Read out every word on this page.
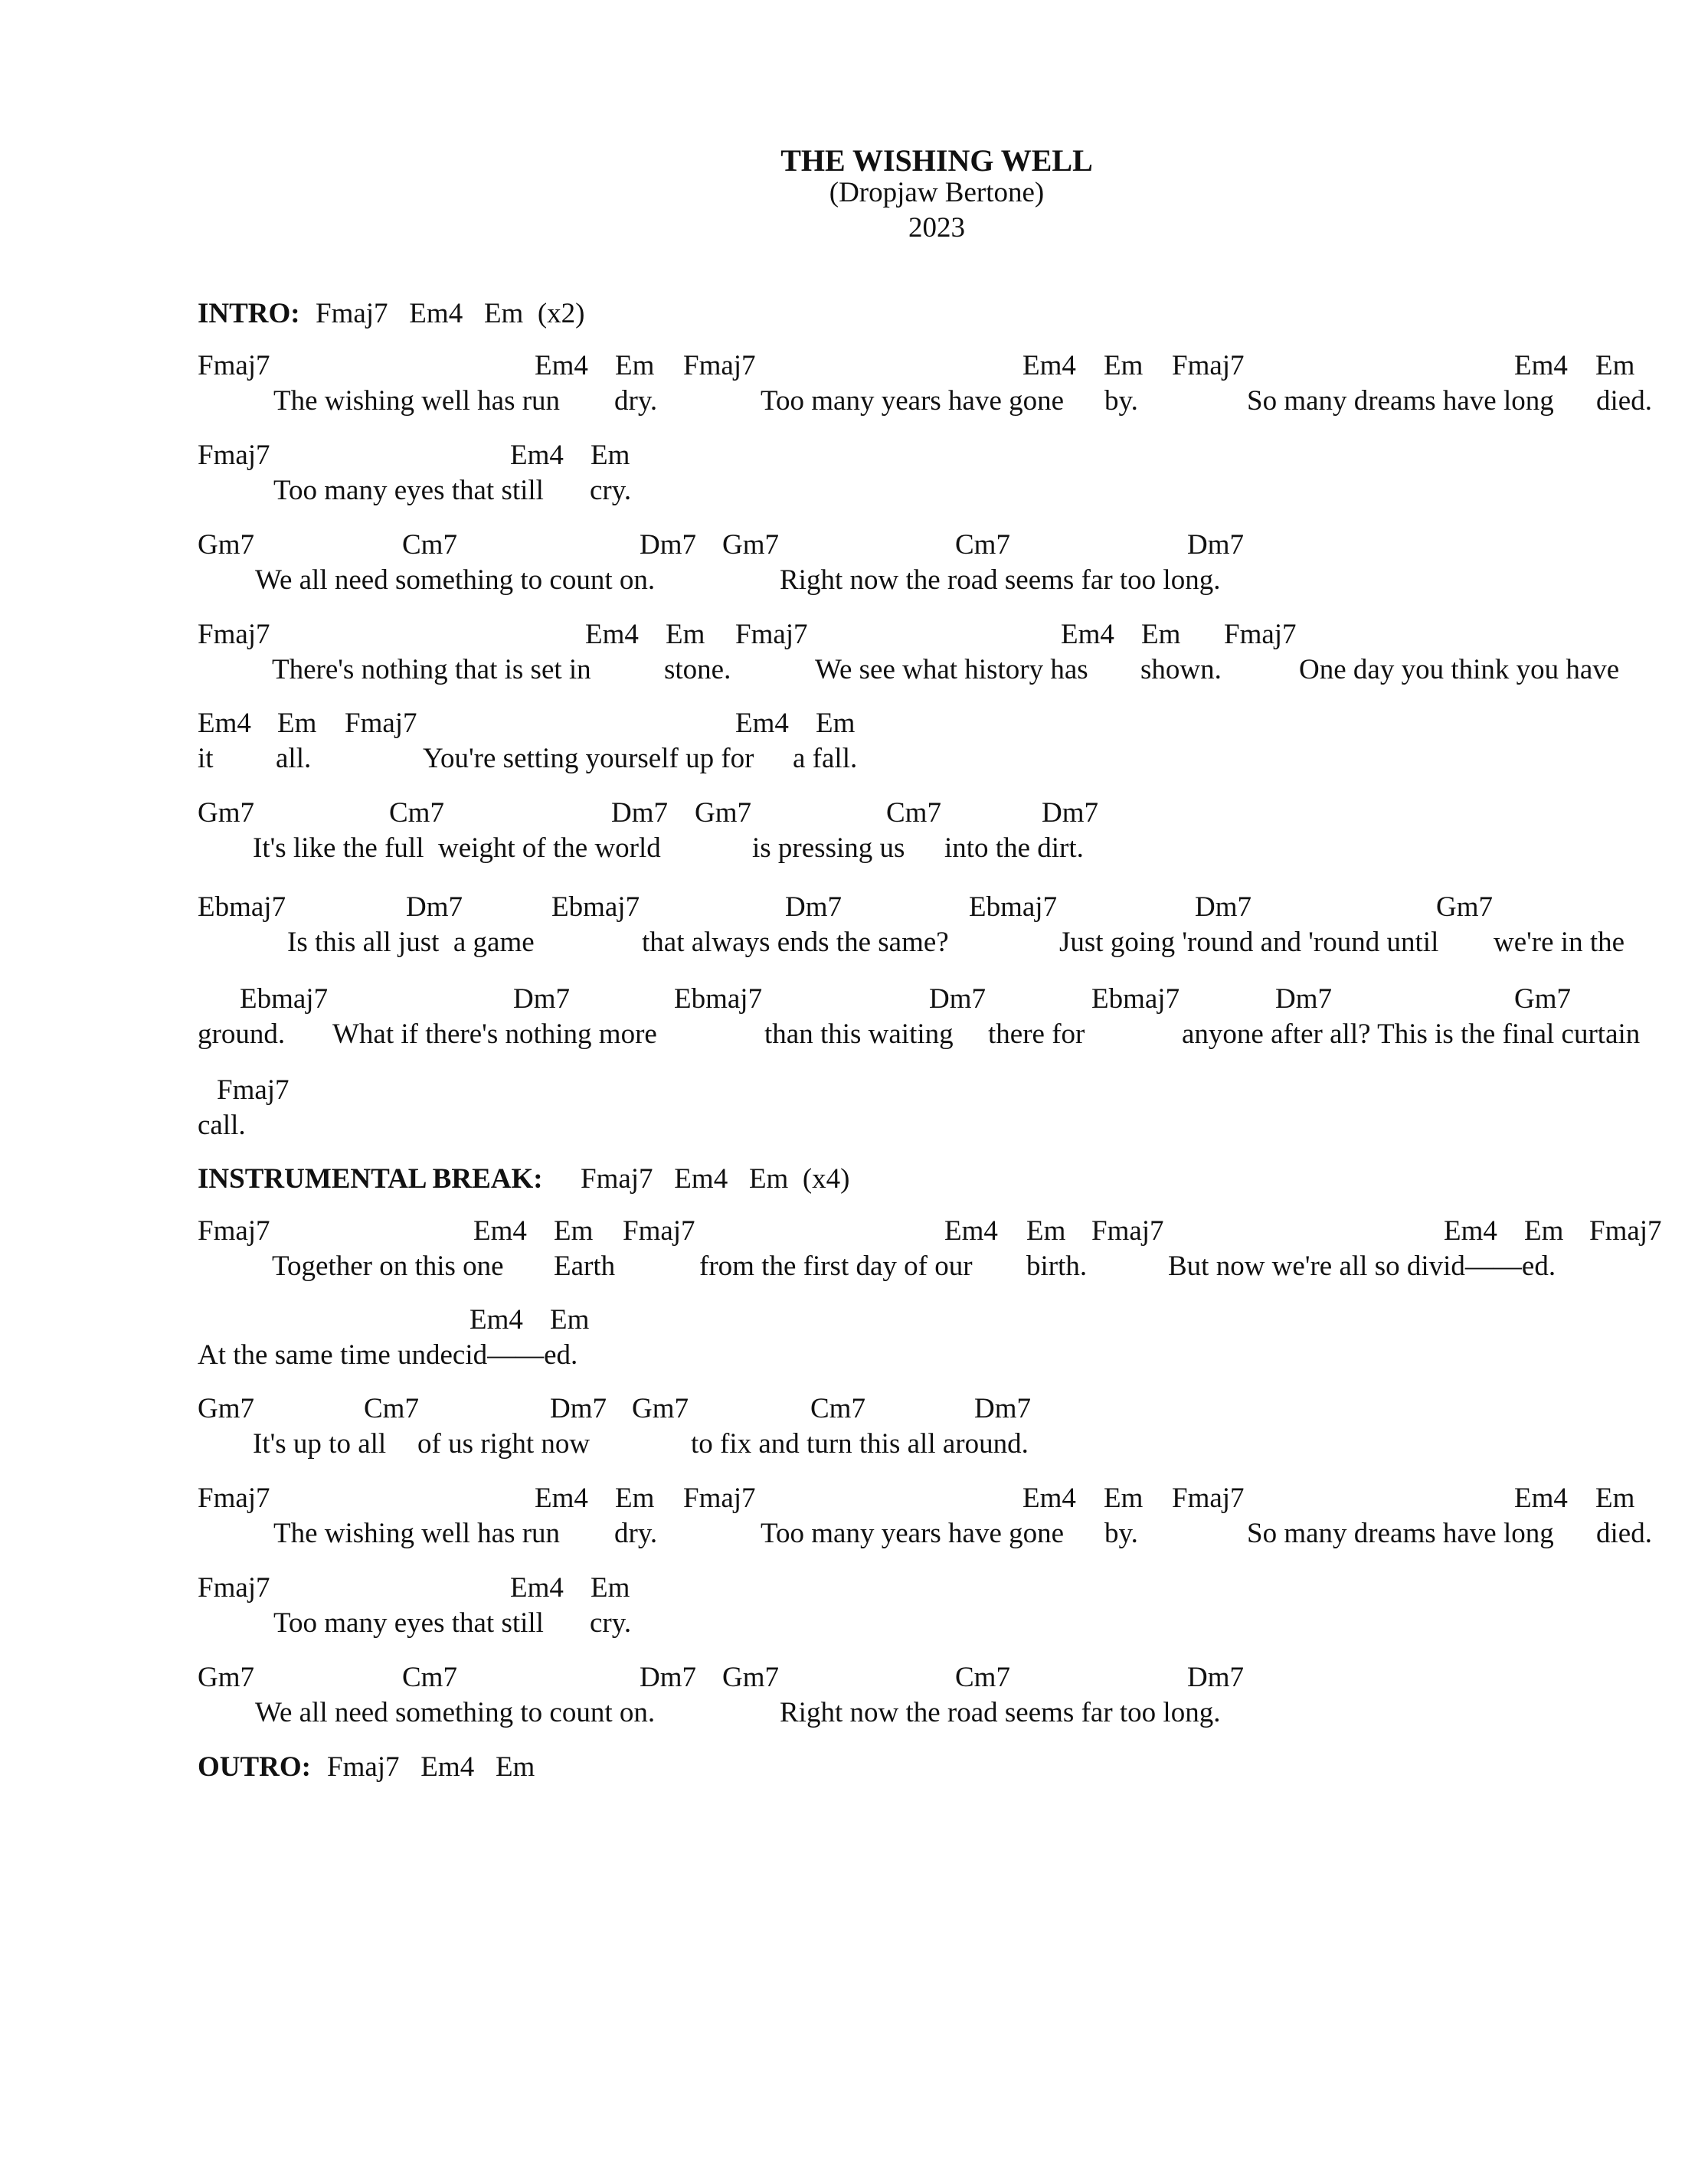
THE WISHING WELL
(Dropjaw Bertone)
2023
INTRO: Fmaj7   Em4   Em  (x2)
Fmaj7	Em4 Em Fmaj7	Em4 Em Fmaj7	Em4 Em
The wishing well has run dry.	Too many years have gone by.	So many dreams have long died.
Fmaj7	Em4 Em
Too many eyes that still cry.
Gm7	Cm7	Dm7 Gm7	Cm7	Dm7
We all need something to count on.	Right now the road seems far too long.
Fmaj7	Em4 Em Fmaj7	Em4 Em Fmaj7
There's nothing that is set in	stone.	We see what history has shown.	One day you think you have
Em4 Em Fmaj7	Em4 Em
it all.	You're setting yourself up for a fall.
Gm7	Cm7	Dm7 Gm7	Cm7	Dm7
It's like the full  weight of the world	is pressing us into the dirt.
Ebmaj7	Dm7	Ebmaj7	Dm7	Ebmaj7	Dm7	Gm7
Is this all just  a game	that always ends the same?	Just going 'round and 'round until we're in the
Ebmaj7	Dm7	Ebmaj7	Dm7	Ebmaj7	Dm7	Gm7
ground. What if there's nothing more	than this waiting there for	anyone after all? This is the final curtain
Fmaj7
call.
INSTRUMENTAL BREAK: Fmaj7   Em4   Em  (x4)
Fmaj7	Em4 Em Fmaj7	Em4 Em Fmaj7	Em4 Em Fmaj7
Together on this one Earth	from the first day of our birth.	But now we're all so divid——ed.
Em4 Em
At the same time undecid——ed.
Gm7	Cm7	Dm7 Gm7	Cm7	Dm7
It's up to all of us right now	to fix and turn this all around.
Fmaj7	Em4 Em Fmaj7	Em4 Em Fmaj7	Em4 Em
The wishing well has run dry.	Too many years have gone by.	So many dreams have long died.
Fmaj7	Em4 Em
Too many eyes that still cry.
Gm7	Cm7	Dm7 Gm7	Cm7	Dm7
We all need something to count on.	Right now the road seems far too long.
OUTRO: Fmaj7   Em4   Em
